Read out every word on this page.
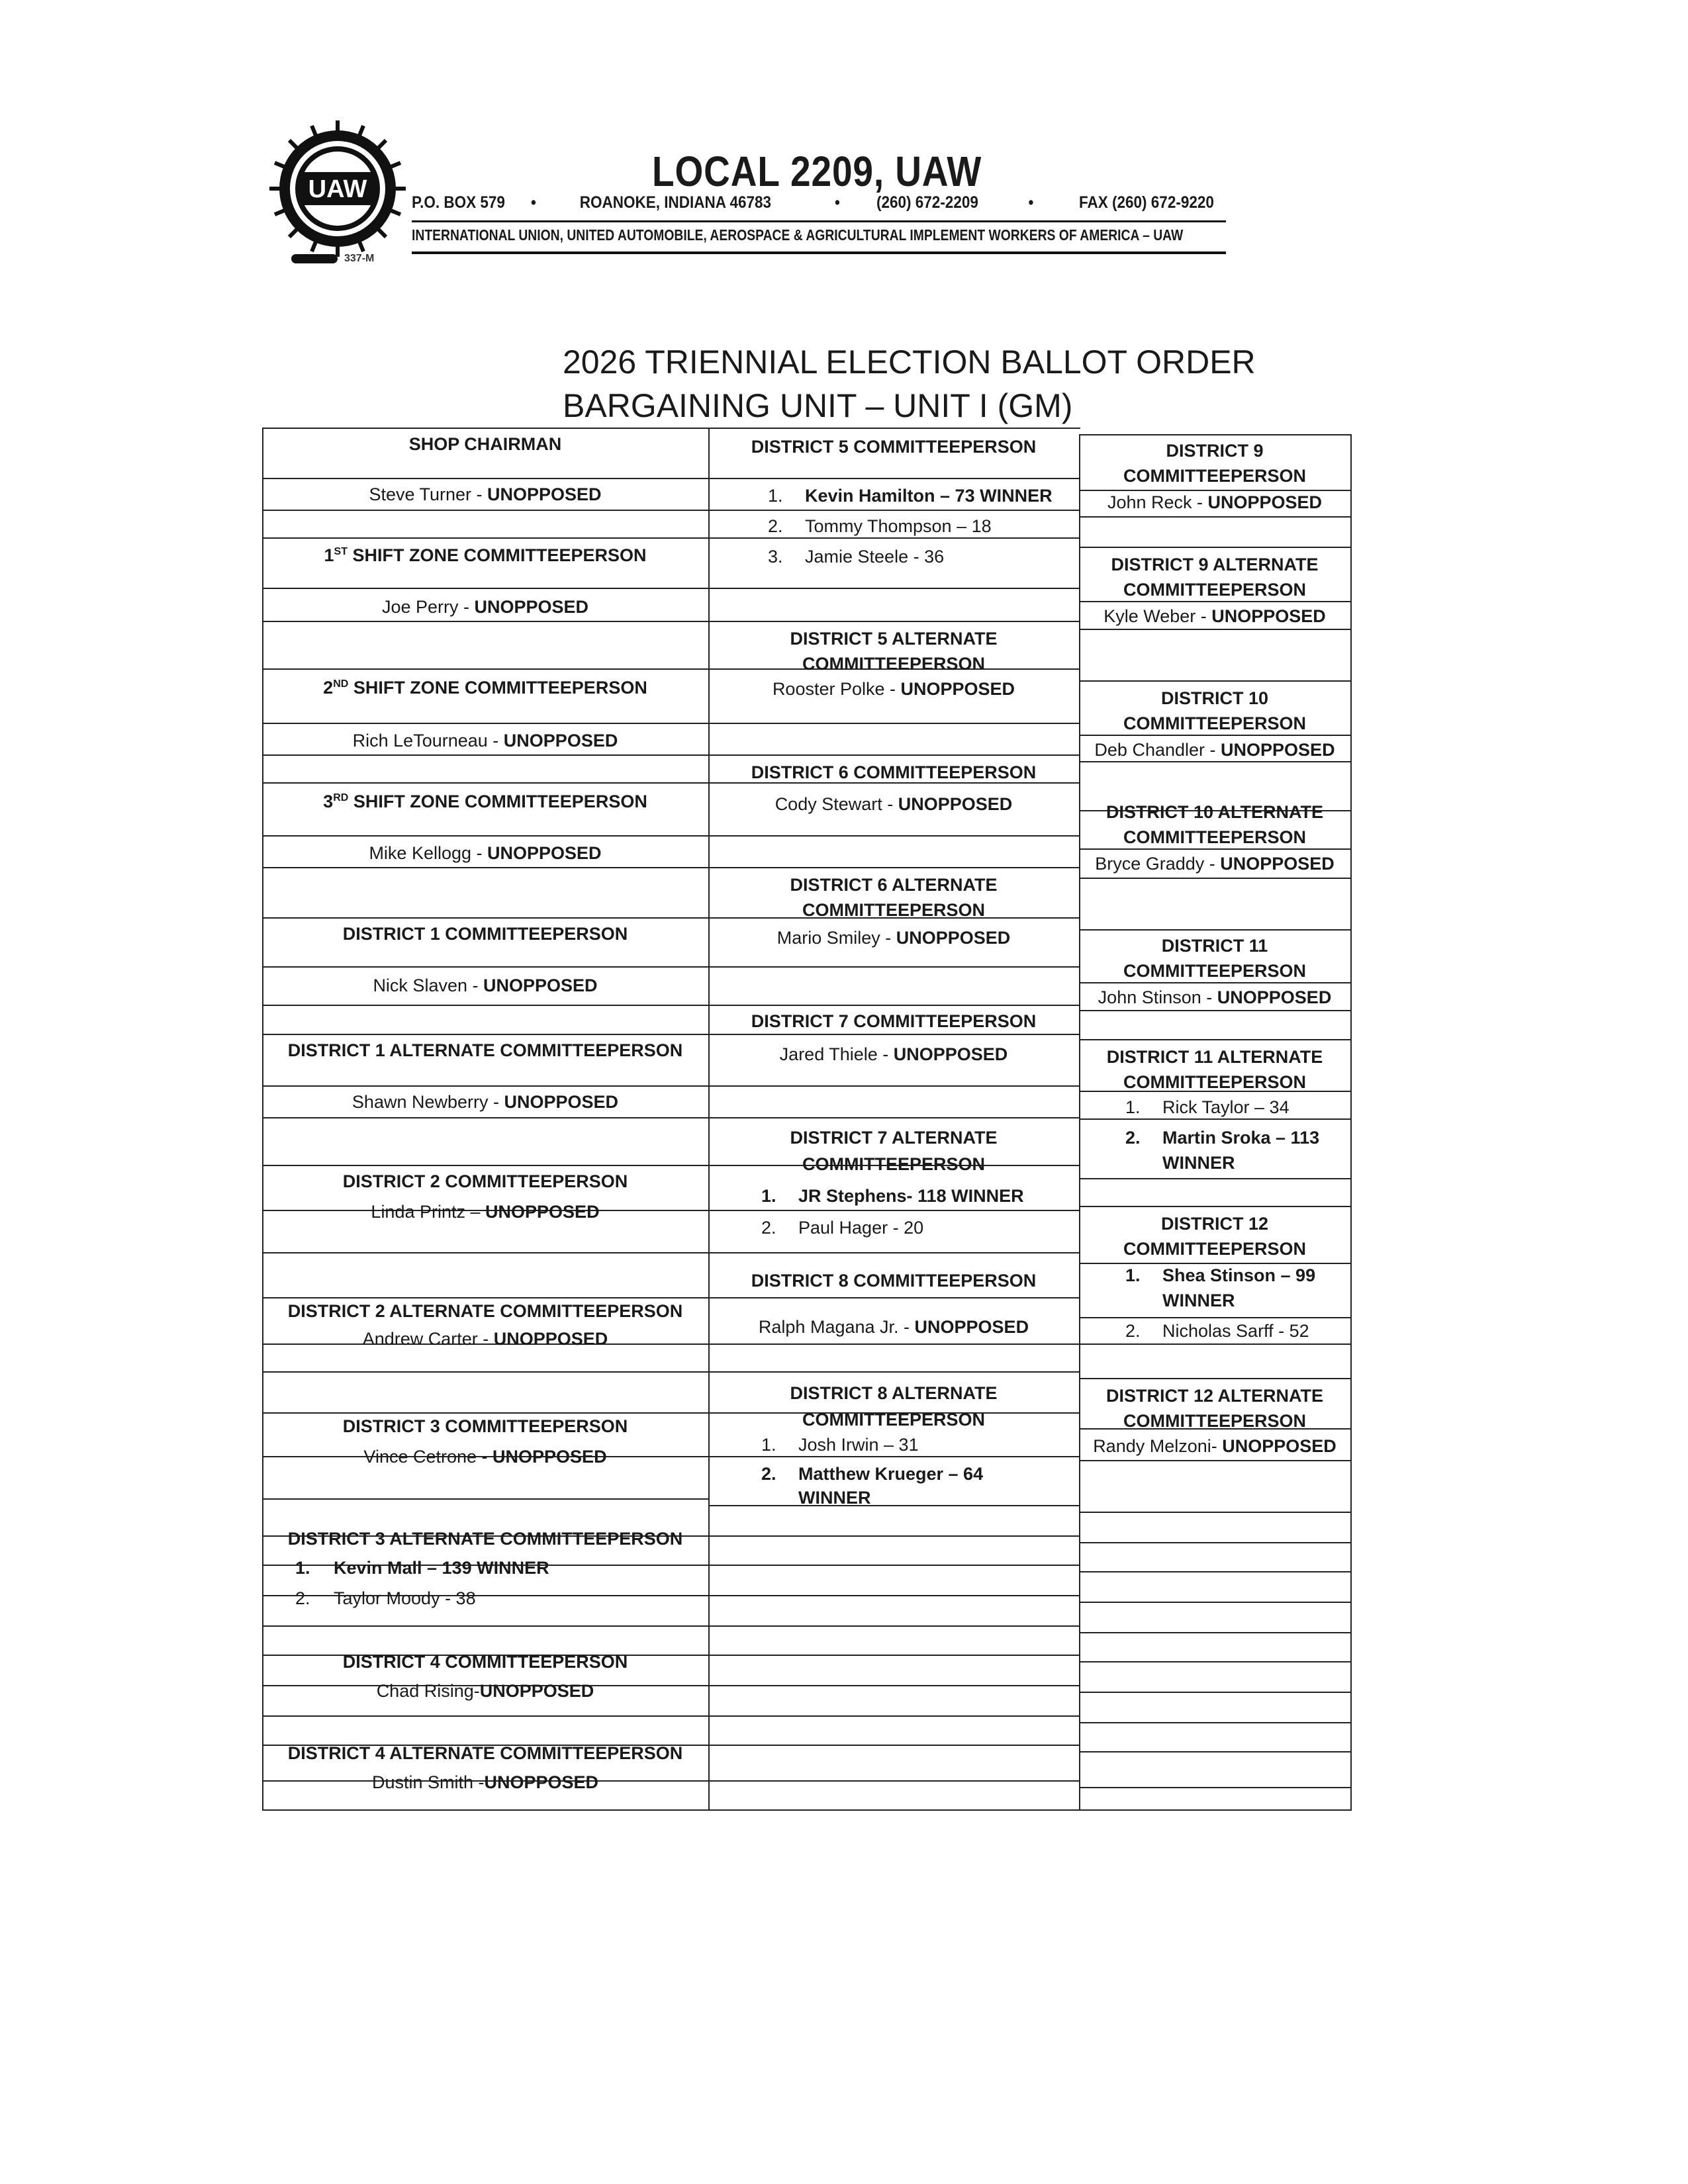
UAW
337-M
LOCAL 2209, UAW
P.O. BOX 579 •	ROANOKE, INDIANA 46783	• (260) 672-2209	•	FAX (260) 672-9220
INTERNATIONAL UNION, UNITED AUTOMOBILE, AEROSPACE & AGRICULTURAL IMPLEMENT WORKERS OF AMERICA – UAW
2026 TRIENNIAL ELECTION BALLOT ORDER
BARGAINING UNIT – UNIT I (GM)
SHOP CHAIRMAN
Steve Turner - UNOPPOSED
1ST SHIFT ZONE COMMITTEEPERSON
Joe Perry - UNOPPOSED
2ND SHIFT ZONE COMMITTEEPERSON
Rich LeTourneau - UNOPPOSED
3RD SHIFT ZONE COMMITTEEPERSON
Mike Kellogg - UNOPPOSED
DISTRICT 1 COMMITTEEPERSON
Nick Slaven - UNOPPOSED
DISTRICT 1 ALTERNATE COMMITTEEPERSON
Shawn Newberry - UNOPPOSED
DISTRICT 2 COMMITTEEPERSON
Linda Printz – UNOPPOSED
DISTRICT 2 ALTERNATE COMMITTEEPERSON
Andrew Carter - UNOPPOSED
DISTRICT 3 COMMITTEEPERSON
Vince Cetrone - UNOPPOSED
DISTRICT 3 ALTERNATE COMMITTEEPERSON
1. Kevin Mall – 139 WINNER
2. Taylor Moody - 38
DISTRICT 4 COMMITTEEPERSON
Chad Rising-UNOPPOSED
DISTRICT 4 ALTERNATE COMMITTEEPERSON
Dustin Smith -UNOPPOSED
DISTRICT 5 COMMITTEEPERSON
1. Kevin Hamilton – 73 WINNER
2. Tommy Thompson – 18
3. Jamie Steele - 36
DISTRICT 5 ALTERNATE
COMMITTEEPERSON
Rooster Polke - UNOPPOSED
DISTRICT 6 COMMITTEEPERSON
Cody Stewart - UNOPPOSED
DISTRICT 6 ALTERNATE
COMMITTEEPERSON
Mario Smiley - UNOPPOSED
DISTRICT 7 COMMITTEEPERSON
Jared Thiele - UNOPPOSED
DISTRICT 7 ALTERNATE
COMMITTEEPERSON
1. JR Stephens- 118 WINNER
2. Paul Hager - 20
DISTRICT 8 COMMITTEEPERSON
Ralph Magana Jr. - UNOPPOSED
DISTRICT 8 ALTERNATE
COMMITTEEPERSON
1. Josh Irwin – 31
2. Matthew Krueger – 64
WINNER
DISTRICT 9
COMMITTEEPERSON
John Reck - UNOPPOSED
DISTRICT 9 ALTERNATE
COMMITTEEPERSON
Kyle Weber - UNOPPOSED
DISTRICT 10
COMMITTEEPERSON
Deb Chandler - UNOPPOSED
DISTRICT 10 ALTERNATE
COMMITTEEPERSON
Bryce Graddy - UNOPPOSED
DISTRICT 11
COMMITTEEPERSON
John Stinson - UNOPPOSED
DISTRICT 11 ALTERNATE
COMMITTEEPERSON
1. Rick Taylor – 34
2. Martin Sroka – 113
WINNER
DISTRICT 12
COMMITTEEPERSON
1. Shea Stinson – 99
WINNER
2. Nicholas Sarff - 52
DISTRICT 12 ALTERNATE
COMMITTEEPERSON
Randy Melzoni- UNOPPOSED
